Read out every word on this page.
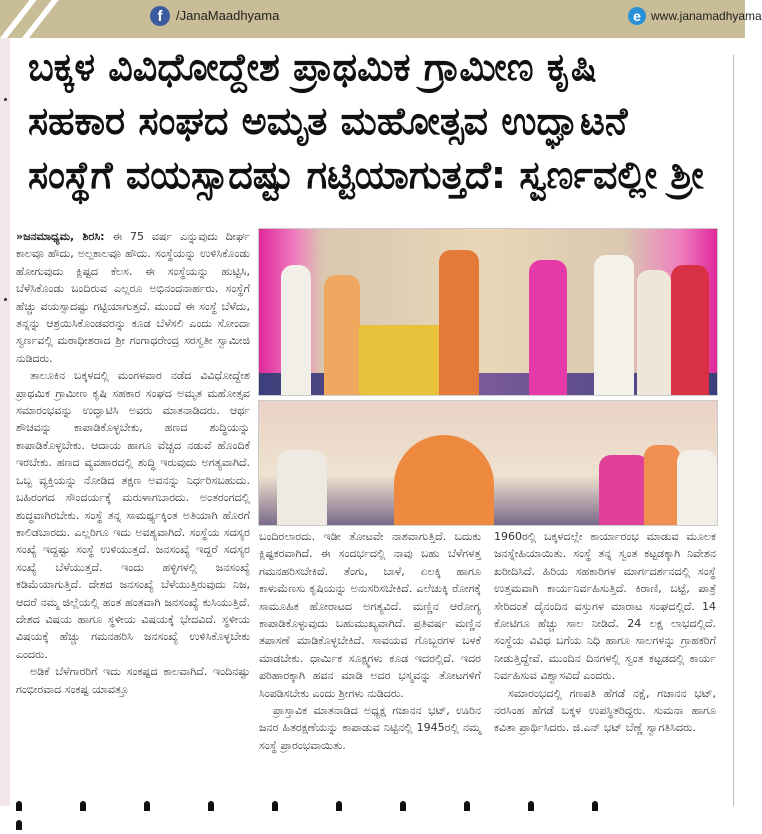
f	/JanaMaadhyama	e www.janamadhyama
ಬಕ್ಕಳ ವಿವಿಧೋದ್ದೇಶ ಪ್ರಾಥಮಿಕ ಗ್ರಾಮೀಣ ಕೃಷಿ
ಸಹಕಾರ ಸಂಘದ ಅಮೃತ ಮಹೋತ್ಸವ ಉದ್ಘಾಟನೆ
ಸಂಸ್ಥೆಗೆ ವಯಸ್ಸಾದಷ್ಟು ಗಟ್ಟಿಯಾಗುತ್ತದೆ: ಸ್ವರ್ಣವಲ್ಲೀ ಶ್ರೀ

»ಜನಮಾಧ್ಯಮ, ಶಿರಸಿ: ಈ 75 ವರ್ಷ ಎನ್ನುವುದು ದೀರ್ಘ ಕಾಲವೂ ಹೌದು, ಅಲ್ಪಕಾಲವೂ ಹೌದು. ಸಂಸ್ಥೆಯನ್ನು ಉಳಿಸಿಕೊಂಡು ಹೋಗುವುದು ಕ್ಲಿಷ್ಟದ ಕೆಲಸ. ಈ ಸಂಸ್ಥೆಯನ್ನು ಹುಟ್ಟಿಸಿ, ಬೆಳೆಸಿಕೊಂಡು ಬಂದಿರುವ ಎಲ್ಲರೂ ಅಭಿನಂದನಾರ್ಹರು. ಸಂಸ್ಥೆಗೆ ಹೆಚ್ಚು ವಯಸ್ಸಾದಷ್ಟು ಗಟ್ಟಿಯಾಗುತ್ತದೆ. ಮುಂದೆ ಈ ಸಂಸ್ಥೆ ಬೆಳೆದು, ತನ್ನನ್ನು ಆಶ್ರಯಿಸಿಕೊಂಡವರನ್ನು ಕೂಡ ಬೆಳೆಸಲಿ ಎಂದು ಸೋಂದಾ ಸ್ವರ್ಣವಲ್ಲಿ ಮಠಾಧೀಶರಾದ ಶ್ರೀ ಗಂಗಾಧರೇಂದ್ರ ಸರಸ್ವತೀ ಸ್ವಾಮೀಜಿ ನುಡಿದರು.

ತಾಲೂಕಿನ ಬಕ್ಕಳದಲ್ಲಿ ಮಂಗಳವಾರ ನಡೆದ ವಿವಿಧೋದ್ದೇಶ ಪ್ರಾಥಮಿಕ ಗ್ರಾಮೀಣ ಕೃಷಿ ಸಹಕಾರ ಸಂಘದ ಅಮೃತ ಮಹೋತ್ಸವ ಸಮಾರಂಭವನ್ನು ಉದ್ಘಾಟಿಸಿ ಅವರು ಮಾತನಾಡಿದರು. ಆರ್ಥ ಶೌಚವನ್ನು ಕಾಪಾಡಿಕೊಳ್ಳಬೇಕು, ಹಣದ ಶುದ್ಧಿಯನ್ನು ಕಾಪಾಡಿಕೊಳ್ಳಬೇಕು. ಆದಾಯ ಹಾಗೂ ವೆಚ್ಚದ ನಡುವೆ ಹೊಂದಿಕೆ ಇರಬೇಕು. ಹಣದ ವ್ಯವಹಾರದಲ್ಲಿ ಶುದ್ಧಿ ಇರುವುದು ಅಗತ್ಯವಾಗಿದೆ. ಒಬ್ಬ ವ್ಯಕ್ತಿಯನ್ನು ನೋಡಿದ ತಕ್ಷಣ ಅವನನ್ನು ನಿರ್ಧರಿಸಬಹುದು. ಬಹಿರಂಗದ ಸೌಂದರ್ಯಕ್ಕೆ ಮರುಳಾಗಬಾರದು. ಅಂತರಂಗದಲ್ಲಿ ಶುದ್ಧವಾಗಿರಬೇಕು. ಸಂಸ್ಥೆ ತನ್ನ ಸಾಮರ್ಥ್ಯಕ್ಕಿಂತ ಅತಿಯಾಗಿ ಹೊರಗೆ ಕಾಲಿಡಬಾರದು. ಎಲ್ಲರಿಗೂ ಇದು ಅವಶ್ಯವಾಗಿದೆ. ಸಂಸ್ಥೆಯ ಸದಸ್ಯರ ಸಂಖ್ಯೆ ಇದ್ದಷ್ಟು ಸಂಸ್ಥೆ ಉಳಿಯುತ್ತದೆ. ಜನಸಂಖ್ಯೆ ಇದ್ದರೆ ಸದಸ್ಯರ ಸಂಖ್ಯೆ ಬೆಳೆಯುತ್ತದೆ. ಇಂದು ಹಳ್ಳಿಗಳಲ್ಲಿ ಜನಸಂಖ್ಯೆ ಕಡಿಮೆಯಾಗುತ್ತಿದೆ. ದೇಶದ ಜನಸಂಖ್ಯೆ ಬೆಳೆಯುತ್ತಿರುವುದು ನಿಜ, ಆದರೆ ನಮ್ಮ ಜಿಲ್ಲೆಯಲ್ಲಿ ಹಂತ ಹಂತವಾಗಿ ಜನಸಂಖ್ಯೆ ಕುಸಿಯುತ್ತಿದೆ. ದೇಶದ ವಿಷಯ ಹಾಗೂ ಸ್ಥಳೀಯ ವಿಷಯಕ್ಕೆ ಭೇದವಿದೆ. ಸ್ಥಳೀಯ ವಿಷಯಕ್ಕೆ ಹೆಚ್ಚು ಗಮನಹರಿಸಿ ಜನಸಂಖ್ಯೆ ಉಳಿಸಿಕೊಳ್ಳಬೇಕು ಎಂದರು.

ಅಡಿಕೆ ಬೆಳೆಗಾರರಿಗೆ ಇದು ಸಂಕಷ್ಟದ ಕಾಲವಾಗಿದೆ. ಇಂದಿನಷ್ಟು ಗಂಭೀರವಾದ ಸಂಕಷ್ಟ ಯಾವತ್ತೂ

ಬಂದಿರಲಾರದು. ಇಡೀ ತೋಟವೇ ನಾಶವಾಗುತ್ತಿದೆ. ಬದುಕು ಕ್ಲಿಷ್ಟಕರವಾಗಿದೆ. ಈ ಸಂದರ್ಭದಲ್ಲಿ ನಾವು ಬಹು ಬೆಳೆಗಳತ್ತ ಗಮನಹರಿಸಬೇಕಿದೆ. ತೆಂಗು, ಬಾಳೆ, ಏಲಕ್ಕಿ ಹಾಗೂ ಕಾಳುಮೆಣಸು ಕೃಷಿಯನ್ನು ಅನುಸರಿಸಬೇಕಿದೆ. ಎಲೆಚುಕ್ಕಿ ರೋಗಕ್ಕೆ ಸಾಮೂಹಿಕ ಹೋರಾಟದ ಅಗತ್ಯವಿದೆ. ಮಣ್ಣಿನ ಆರೋಗ್ಯ ಕಾಪಾಡಿಕೊಳ್ಳುವುದು ಬಹುಮುಖ್ಯವಾಗಿದೆ. ಪ್ರತಿವರ್ಷ ಮಣ್ಣಿನ ತಪಾಸಣೆ ಮಾಡಿಕೊಳ್ಳಬೇಕಿದೆ. ಸಾವಯವ ಗೊಬ್ಬರಗಳ ಬಳಕೆ ಮಾಡಬೇಕು. ಧಾರ್ಮಿಕ ಸೂಕ್ಷ್ಮಗಳು ಕೂಡ ಇದರಲ್ಲಿದೆ. ಇದರ ಪರಿಹಾರಕ್ಕಾಗಿ ಹವನ ಮಾಡಿ ಅದರ ಭಸ್ಮವನ್ನು ತೋಟಗಳಿಗೆ ಸಿಂಪಡಿಸಬೇಕು ಎಂದು ಶ್ರೀಗಳು ನುಡಿದರು.

ಪ್ರಾಸ್ತಾವಿಕ ಮಾತನಾಡಿದ ಅಧ್ಯಕ್ಷ ಗಜಾನನ ಭಟ್, ಊರಿನ ಜನರ ಹಿತರಕ್ಷಣೆಯನ್ನು ಕಾಪಾಡುವ ನಿಟ್ಟಿನಲ್ಲಿ 1945ರಲ್ಲಿ ನಮ್ಮ ಸಂಸ್ಥೆ ಪ್ರಾರಂಭವಾಯಿತು.

1960ರಲ್ಲಿ ಬಕ್ಕಳದಲ್ಲೇ ಕಾರ್ಯಾರಂಭ ಮಾಡುವ ಮೂಲಕ ಜನಸ್ನೇಹಿಯಾಯಿತು. ಸಂಸ್ಥೆ ತನ್ನ ಸ್ವಂತ ಕಟ್ಟಡಕ್ಕಾಗಿ ನಿವೇಶನ ಖರೀದಿಸಿದೆ. ಹಿರಿಯ ಸಹಕಾರಿಗಳ ಮಾರ್ಗದರ್ಶನದಲ್ಲಿ ಸಂಸ್ಥೆ ಉತ್ತಮವಾಗಿ ಕಾರ್ಯನಿರ್ವಹಿಸುತ್ತಿದೆ. ಕಿರಾಣಿ, ಬಟ್ಟೆ, ಪಾತ್ರೆ ಸೇರಿದಂತೆ ದೈನಂದಿನ ವಸ್ತುಗಳ ಮಾರಾಟ ಸಂಘದಲ್ಲಿದೆ. 14 ಕೋಟಿಗೂ ಹೆಚ್ಚು ಸಾಲ ನೀಡಿದೆ. 24 ಲಕ್ಷ ಲಾಭದಲ್ಲಿದೆ. ಸಂಸ್ಥೆಯ ವಿವಿಧ ಬಗೆಯ ನಿಧಿ ಹಾಗೂ ಸಾಲಗಳನ್ನು ಗ್ರಾಹಕರಿಗೆ ನೀಡುತ್ತಿದ್ದೇವೆ. ಮುಂದಿನ ದಿನಗಳಲ್ಲಿ ಸ್ವಂತ ಕಟ್ಟಡದಲ್ಲಿ ಕಾರ್ಯ ನಿರ್ವಹಿಸುವ ವಿಶ್ವಾಸವಿದೆ ಎಂದರು.

ಸಮಾರಂಭದಲ್ಲಿ ಗಣಪತಿ ಹೆಗಡೆ ನಕ್ಷೆ, ಗಜಾನನ ಭಟ್, ನರಸಿಂಹ ಹೆಗಡೆ ಬಕ್ಕಳ ಉಪಸ್ಥಿತರಿದ್ದರು. ಸುಮನಾ ಹಾಗೂ ಕವಿತಾ ಪ್ರಾರ್ಥಿಸಿದರು. ಜಿ.ಎನ್ ಭಟ್ ಬೆಣ್ಣೆ ಸ್ವಾಗತಿಸಿದರು.
